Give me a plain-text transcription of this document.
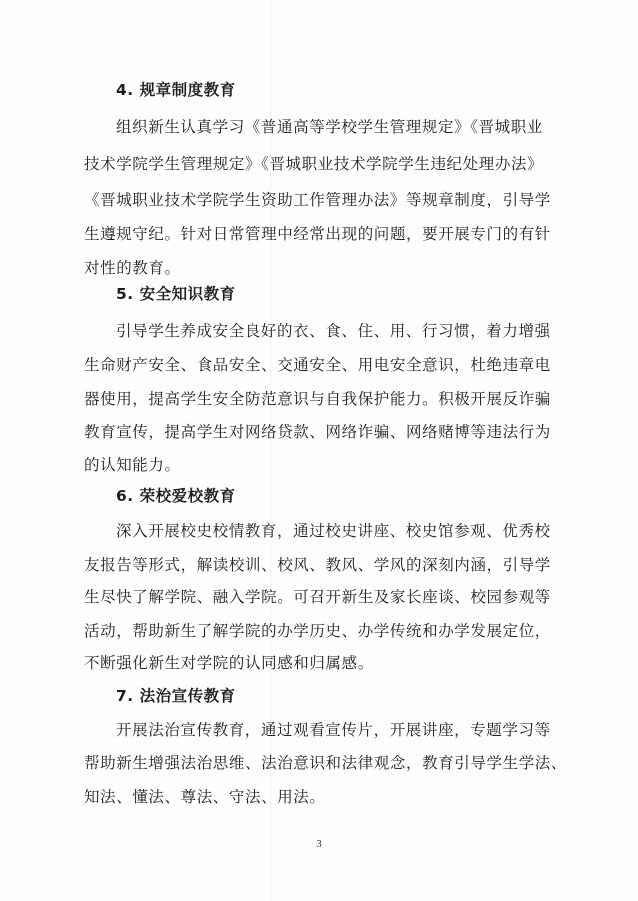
4. 规章制度教育
组织新生认真学习《普通高等学校学生管理规定》《晋城职业
技术学院学生管理规定》《晋城职业技术学院学生违纪处理办法》
《晋城职业技术学院学生资助工作管理办法》等规章制度，引导学
生遵规守纪。针对日常管理中经常出现的问题，要开展专门的有针
对性的教育。
5. 安全知识教育
引导学生养成安全良好的衣、食、住、用、行习惯，着力增强
生命财产安全、食品安全、交通安全、用电安全意识，杜绝违章电
器使用，提高学生安全防范意识与自我保护能力。积极开展反诈骗
教育宣传，提高学生对网络贷款、网络诈骗、网络赌博等违法行为
的认知能力。
6. 荣校爱校教育
深入开展校史校情教育，通过校史讲座、校史馆参观、优秀校
友报告等形式，解读校训、校风、教风、学风的深刻内涵，引导学
生尽快了解学院、融入学院。可召开新生及家长座谈、校园参观等
活动，帮助新生了解学院的办学历史、办学传统和办学发展定位，
不断强化新生对学院的认同感和归属感。
7. 法治宣传教育
开展法治宣传教育，通过观看宣传片，开展讲座，专题学习等
帮助新生增强法治思维、法治意识和法律观念，教育引导学生学法、
知法、懂法、尊法、守法、用法。
3
